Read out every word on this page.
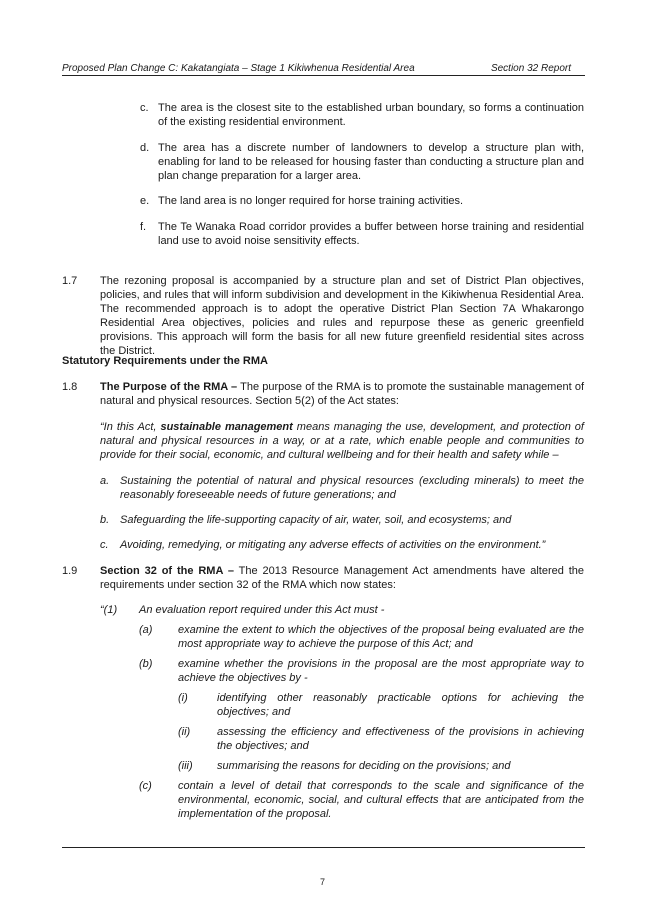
Proposed Plan Change C: Kakatangiata – Stage 1 Kikiwhenua Residential Area	Section 32 Report
c. The area is the closest site to the established urban boundary, so forms a continuation of the existing residential environment.
d. The area has a discrete number of landowners to develop a structure plan with, enabling for land to be released for housing faster than conducting a structure plan and plan change preparation for a larger area.
e. The land area is no longer required for horse training activities.
f. The Te Wanaka Road corridor provides a buffer between horse training and residential land use to avoid noise sensitivity effects.
1.7 The rezoning proposal is accompanied by a structure plan and set of District Plan objectives, policies, and rules that will inform subdivision and development in the Kikiwhenua Residential Area. The recommended approach is to adopt the operative District Plan Section 7A Whakarongo Residential Area objectives, policies and rules and repurpose these as generic greenfield provisions. This approach will form the basis for all new future greenfield residential sites across the District.
Statutory Requirements under the RMA
1.8 The Purpose of the RMA – The purpose of the RMA is to promote the sustainable management of natural and physical resources. Section 5(2) of the Act states:
“In this Act, sustainable management means managing the use, development, and protection of natural and physical resources in a way, or at a rate, which enable people and communities to provide for their social, economic, and cultural wellbeing and for their health and safety while –
a. Sustaining the potential of natural and physical resources (excluding minerals) to meet the reasonably foreseeable needs of future generations; and
b. Safeguarding the life-supporting capacity of air, water, soil, and ecosystems; and
c. Avoiding, remedying, or mitigating any adverse effects of activities on the environment.”
1.9 Section 32 of the RMA – The 2013 Resource Management Act amendments have altered the requirements under section 32 of the RMA which now states:
“(1) An evaluation report required under this Act must -
(a) examine the extent to which the objectives of the proposal being evaluated are the most appropriate way to achieve the purpose of this Act; and
(b) examine whether the provisions in the proposal are the most appropriate way to achieve the objectives by -
(i)	identifying other reasonably practicable options for achieving the objectives; and
(ii) assessing the efficiency and effectiveness of the provisions in achieving the objectives; and
(iii) summarising the reasons for deciding on the provisions; and
(c) contain a level of detail that corresponds to the scale and significance of the environmental, economic, social, and cultural effects that are anticipated from the implementation of the proposal.
7
